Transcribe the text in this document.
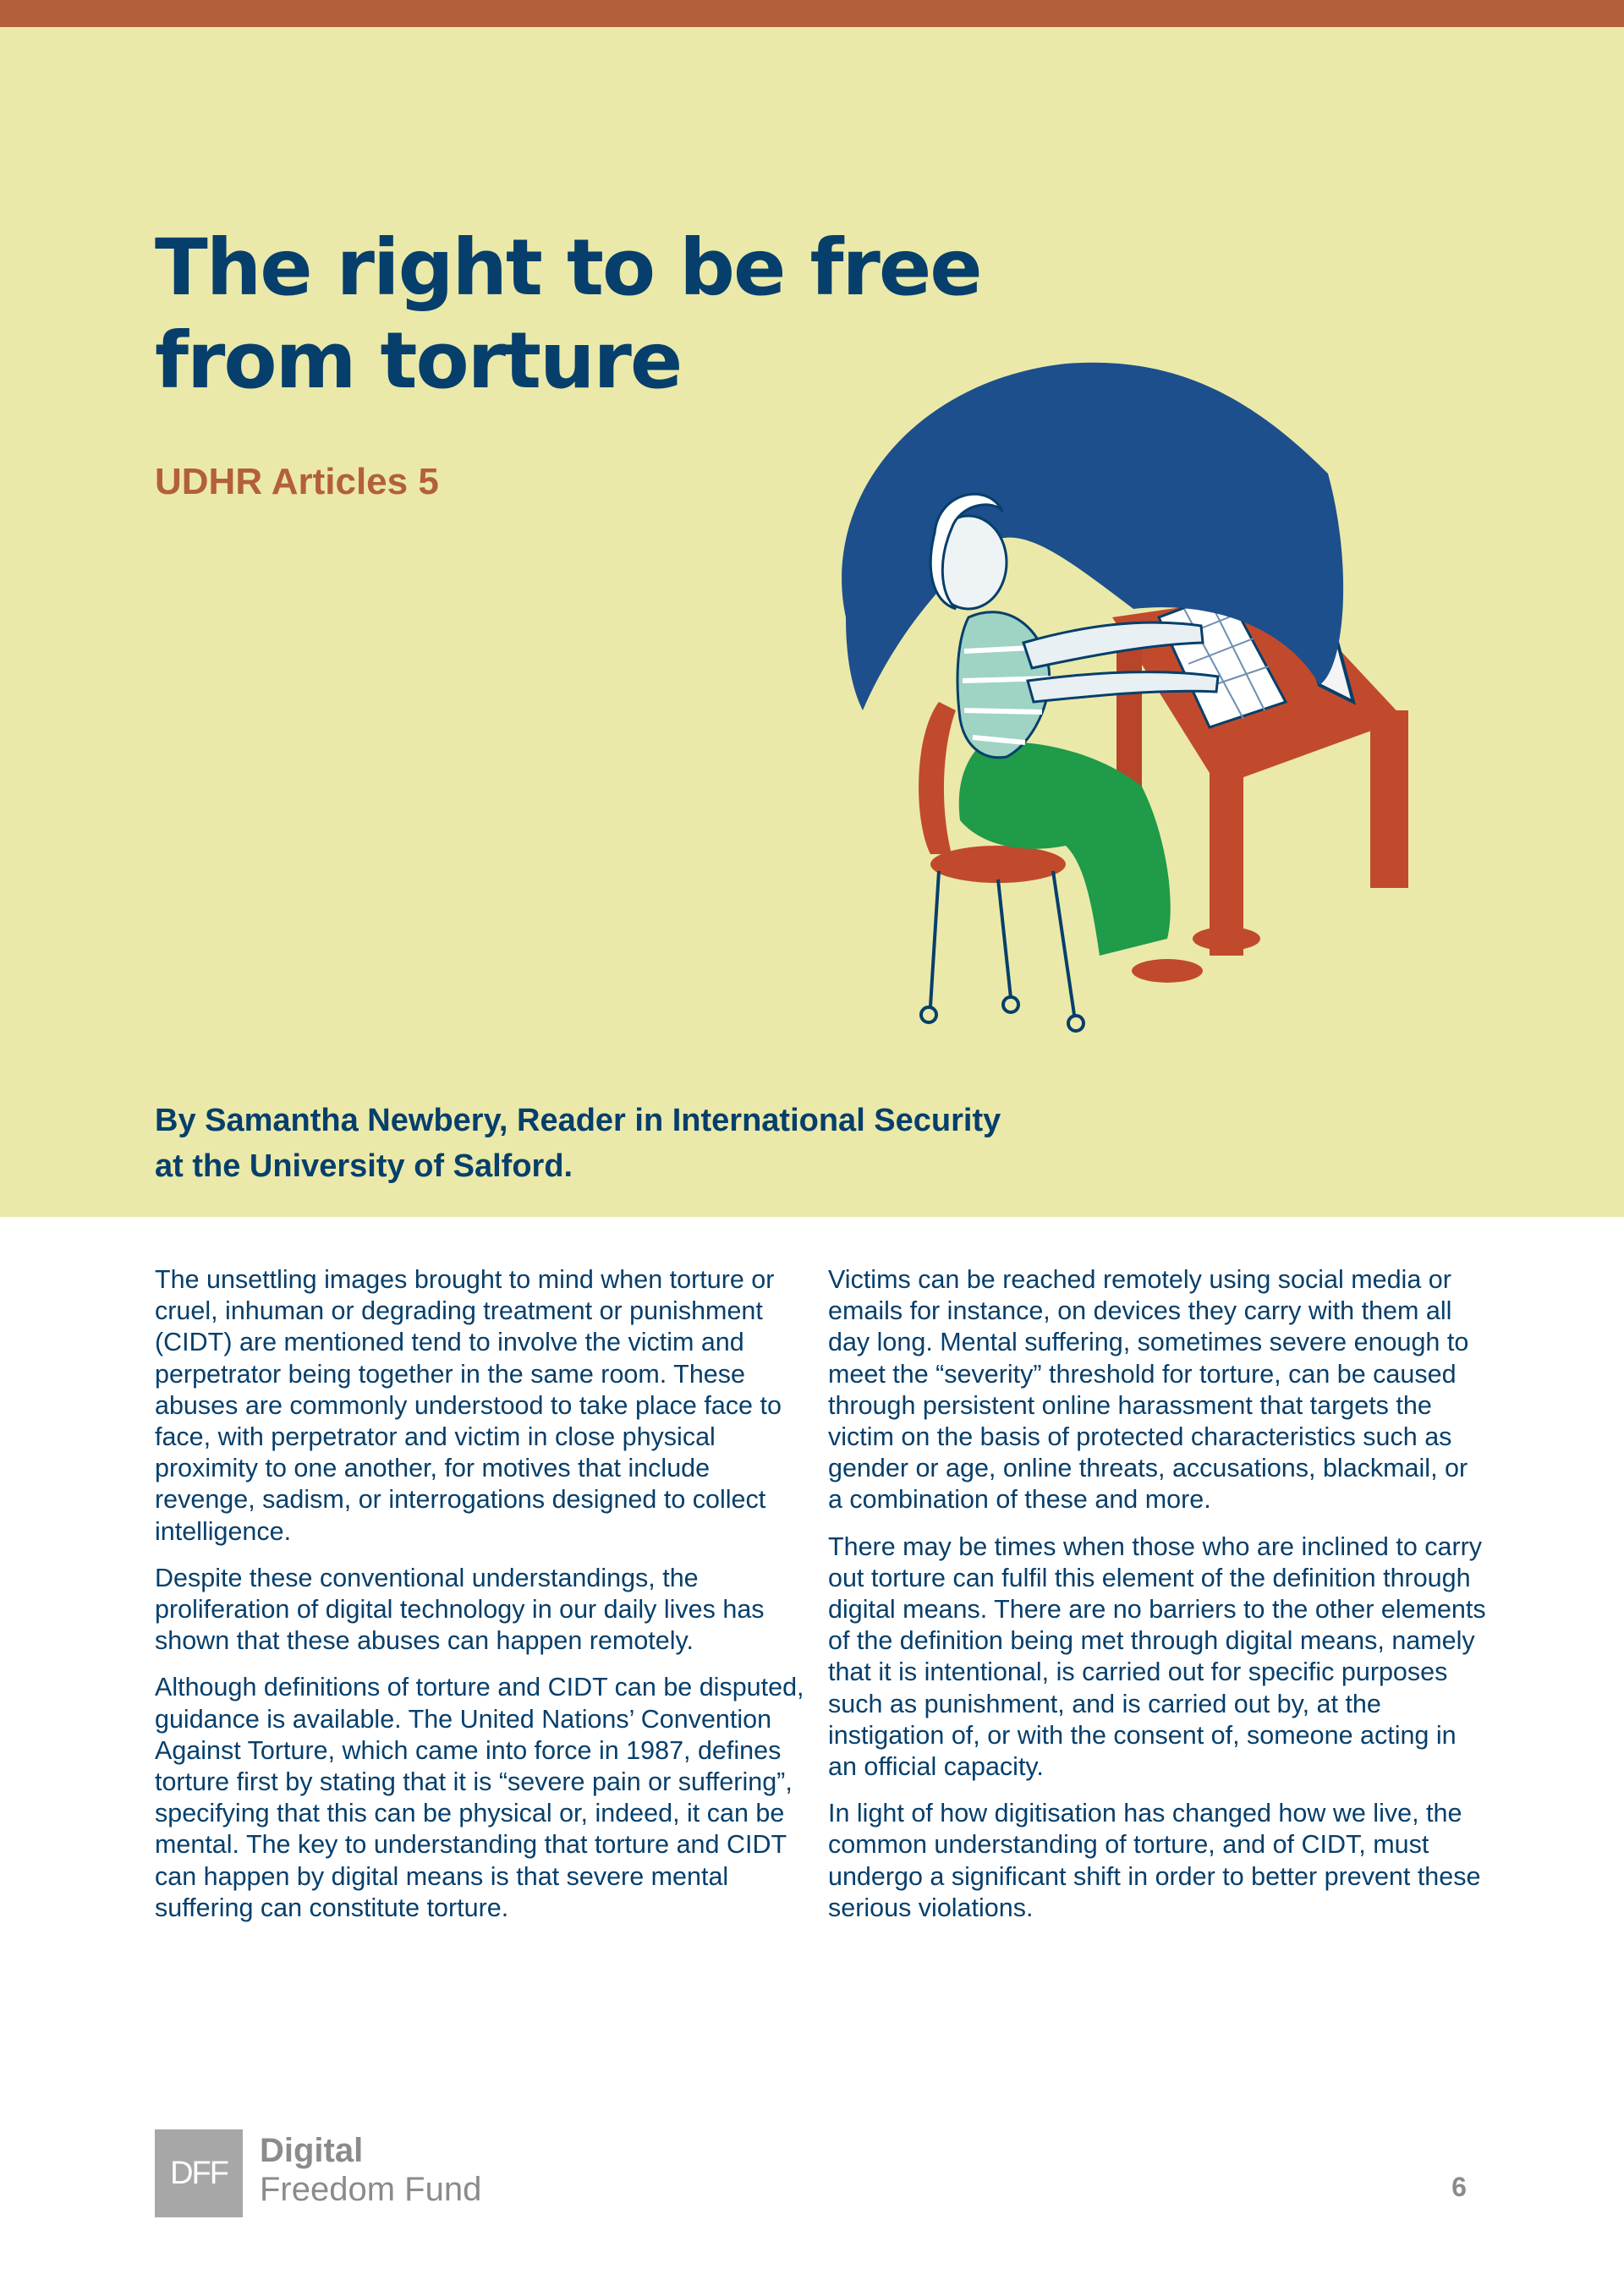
The right to be free from torture
UDHR Articles 5

By Samantha Newbery, Reader in International Security
at the University of Salford.

The unsettling images brought to mind when torture or cruel, inhuman or degrading treatment or punishment (CIDT) are mentioned tend to involve the victim and perpetrator being together in the same room. These abuses are commonly understood to take place face to face, with perpetrator and victim in close physical proximity to one another, for motives that include revenge, sadism, or interrogations designed to collect intelligence.

Despite these conventional understandings, the proliferation of digital technology in our daily lives has shown that these abuses can happen remotely.

Although definitions of torture and CIDT can be disputed, guidance is available. The United Nations’ Convention Against Torture, which came into force in 1987, defines torture first by stating that it is “severe pain or suffering”, specifying that this can be physical or, indeed, it can be mental. The key to understanding that torture and CIDT can happen by digital means is that severe mental suffering can constitute torture.

Victims can be reached remotely using social media or emails for instance, on devices they carry with them all day long. Mental suffering, sometimes severe enough to meet the “severity” threshold for torture, can be caused through persistent online harassment that targets the victim on the basis of protected characteristics such as gender or age, online threats, accusations, blackmail, or a combination of these and more.

There may be times when those who are inclined to carry out torture can fulfil this element of the definition through digital means. There are no barriers to the other elements of the definition being met through digital means, namely that it is intentional, is carried out for specific purposes such as punishment, and is carried out by, at the instigation of, or with the consent of, someone acting in an official capacity.

In light of how digitisation has changed how we live, the common understanding of torture, and of CIDT, must undergo a significant shift in order to better prevent these serious violations.

DFF

Digital

Freedom Fund	6
